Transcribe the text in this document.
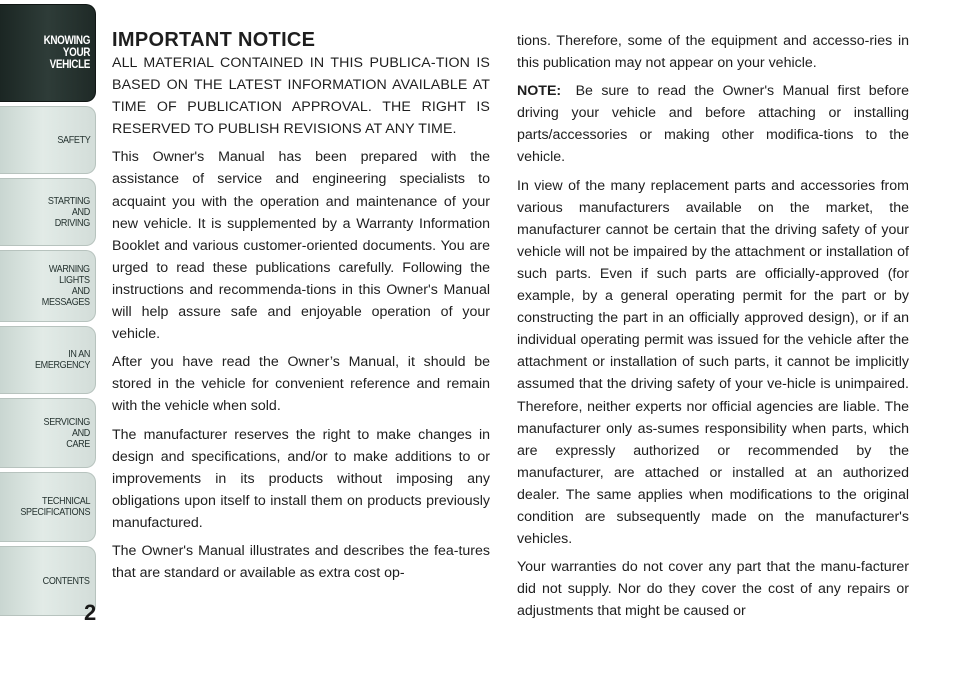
KNOWING
YOUR
VEHICLE
SAFETY
STARTING
AND
DRIVING
WARNING
LIGHTS
AND
MESSAGES
IN AN
EMERGENCY
SERVICING
AND
CARE
TECHNICAL
SPECIFICATIONS
CONTENTS
2
IMPORTANT NOTICE

ALL MATERIAL CONTAINED IN THIS PUBLICA-TION IS BASED ON THE LATEST INFORMATION AVAILABLE AT TIME OF PUBLICATION APPROVAL. THE RIGHT IS RESERVED TO PUBLISH REVISIONS AT ANY TIME.

This Owner's Manual has been prepared with the assistance of service and engineering specialists to acquaint you with the operation and maintenance of your new vehicle. It is supplemented by a Warranty Information Booklet and various customer-oriented documents. You are urged to read these publications carefully. Following the instructions and recommenda-tions in this Owner's Manual will help assure safe and enjoyable operation of your vehicle.

After you have read the Owner’s Manual, it should be stored in the vehicle for convenient reference and remain with the vehicle when sold.

The manufacturer reserves the right to make changes in design and specifications, and/or to make additions to or improvements in its products without imposing any obligations upon itself to install them on products previously manufactured.

The Owner's Manual illustrates and describes the fea-tures that are standard or available as extra cost op-

tions. Therefore, some of the equipment and accesso-ries in this publication may not appear on your vehicle.

NOTE: Be sure to read the Owner's Manual first before driving your vehicle and before attaching or installing parts/accessories or making other modifica-tions to the vehicle.

In view of the many replacement parts and accessories from various manufacturers available on the market, the manufacturer cannot be certain that the driving safety of your vehicle will not be impaired by the attachment or installation of such parts. Even if such parts are officially-approved (for example, by a general operating permit for the part or by constructing the part in an officially approved design), or if an individual operating permit was issued for the vehicle after the attachment or installation of such parts, it cannot be implicitly assumed that the driving safety of your ve-hicle is unimpaired. Therefore, neither experts nor official agencies are liable. The manufacturer only as-sumes responsibility when parts, which are expressly authorized or recommended by the manufacturer, are attached or installed at an authorized dealer. The same applies when modifications to the original condition are subsequently made on the manufacturer's vehicles.

Your warranties do not cover any part that the manu-facturer did not supply. Nor do they cover the cost of any repairs or adjustments that might be caused or
